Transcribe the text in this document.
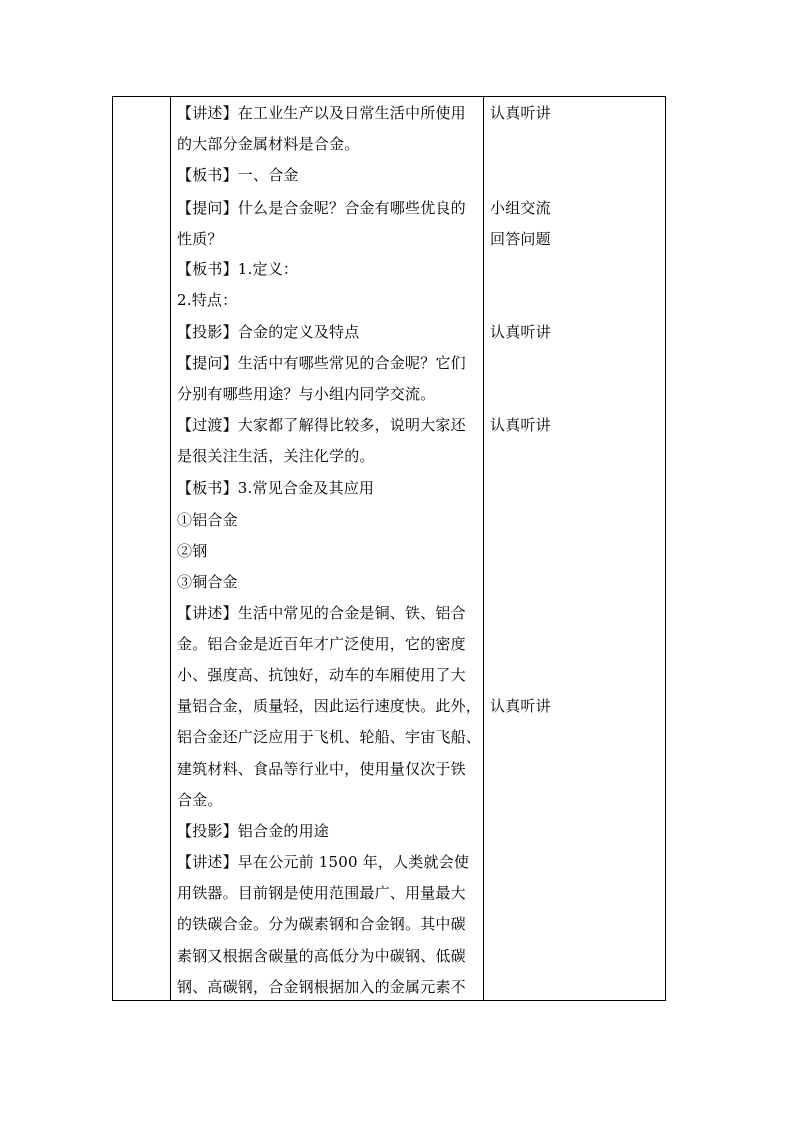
【讲述】在工业生产以及日常生活中所使用
的大部分金属材料是合金。
【板书】一、合金
【提问】什么是合金呢？合金有哪些优良的
性质？
【板书】1.定义：
2.特点：
【投影】合金的定义及特点
【提问】生活中有哪些常见的合金呢？它们
分别有哪些用途？与小组内同学交流。
【过渡】大家都了解得比较多，说明大家还
是很关注生活，关注化学的。
【板书】3.常见合金及其应用
①铝合金
②钢
③铜合金
【讲述】生活中常见的合金是铜、铁、铝合
金。铝合金是近百年才广泛使用，它的密度
小、强度高、抗蚀好，动车的车厢使用了大
量铝合金，质量轻，因此运行速度快。此外，
铝合金还广泛应用于飞机、轮船、宇宙飞船、
建筑材料、食品等行业中，使用量仅次于铁
合金。
【投影】铝合金的用途
【讲述】早在公元前 1500 年，人类就会使
用铁器。目前钢是使用范围最广、用量最大
的铁碳合金。分为碳素钢和合金钢。其中碳
素钢又根据含碳量的高低分为中碳钢、低碳
钢、高碳钢，合金钢根据加入的金属元素不
认真听讲
小组交流
回答问题
认真听讲
认真听讲
认真听讲
